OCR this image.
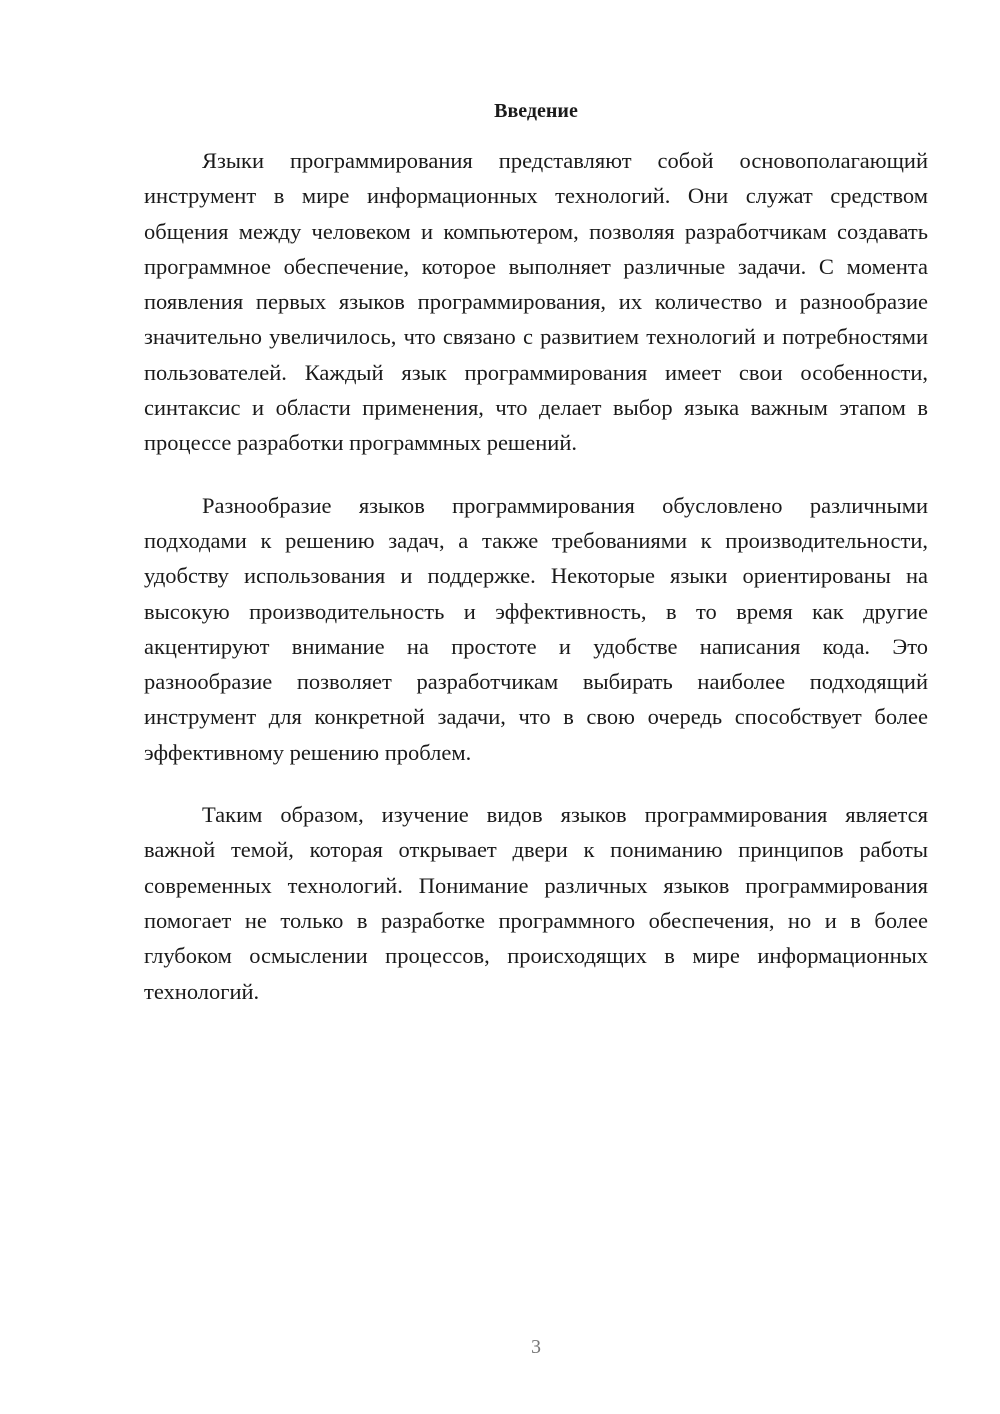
Введение

Языки программирования представляют собой основополагающий инструмент в мире информационных технологий. Они служат средством общения между человеком и компьютером, позволяя разработчикам создавать программное обеспечение, которое выполняет различные задачи. С момента появления первых языков программирования, их количество и разнообразие значительно увеличилось, что связано с развитием технологий и потребностями пользователей. Каждый язык программирования имеет свои особенности, синтаксис и области применения, что делает выбор языка важным этапом в процессе разработки программных решений.

Разнообразие языков программирования обусловлено различными подходами к решению задач, а также требованиями к производительности, удобству использования и поддержке. Некоторые языки ориентированы на высокую производительность и эффективность, в то время как другие акцентируют внимание на простоте и удобстве написания кода. Это разнообразие позволяет разработчикам выбирать наиболее подходящий инструмент для конкретной задачи, что в свою очередь способствует более эффективному решению проблем.

Таким образом, изучение видов языков программирования является важной темой, которая открывает двери к пониманию принципов работы современных технологий. Понимание различных языков программирования помогает не только в разработке программного обеспечения, но и в более глубоком осмыслении процессов, происходящих в мире информационных технологий.

3
